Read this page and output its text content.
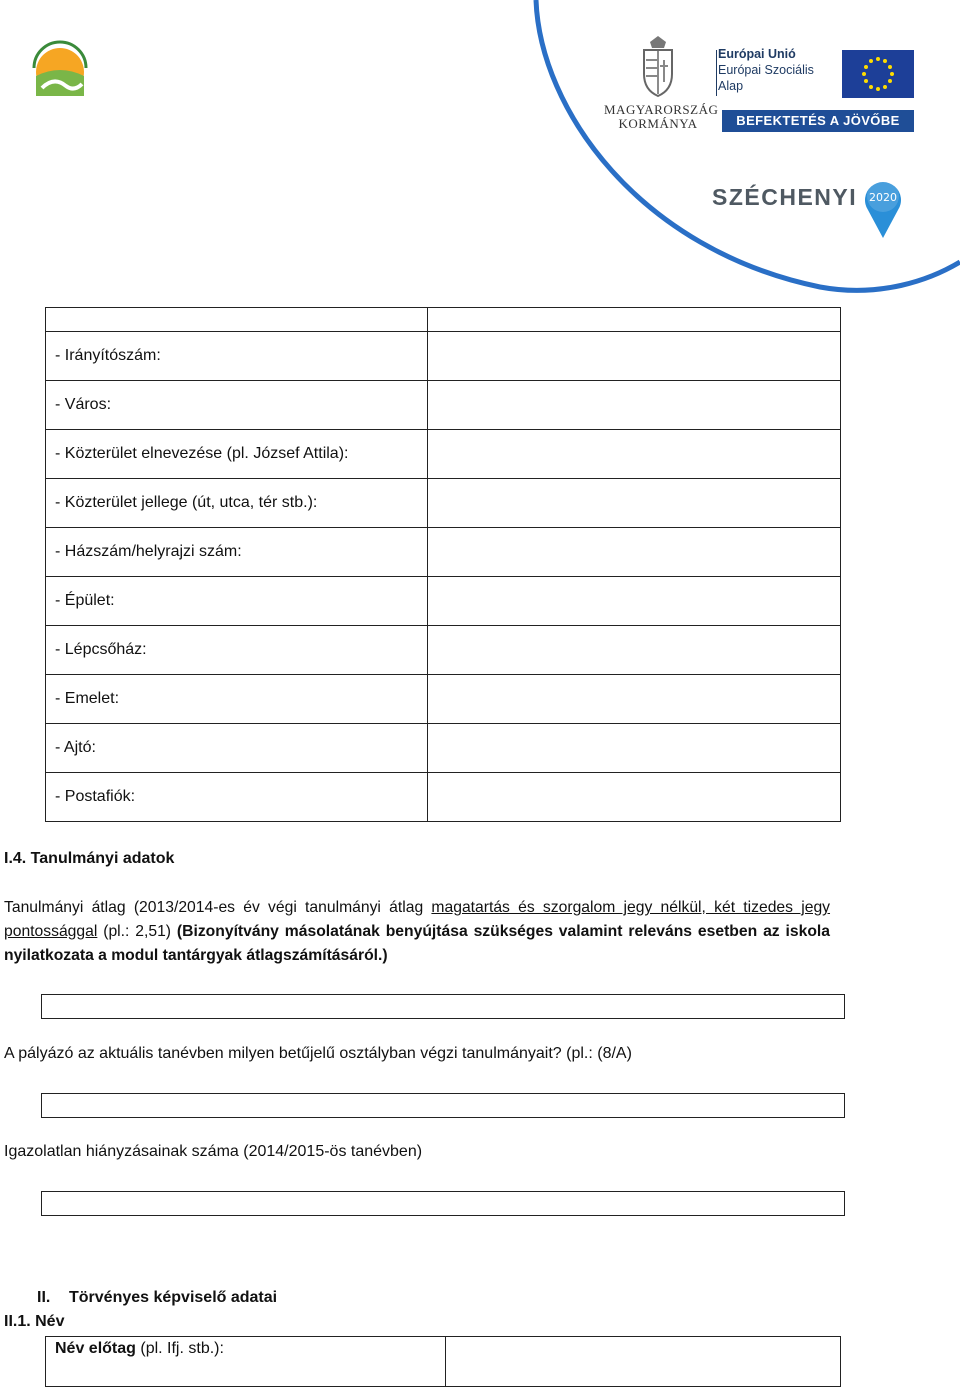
MAGYARORSZÁG
KORMÁNYA
Európai Unió
Európai Szociális
Alap
BEFEKTETÉS A JÖVŐBE
SZÉCHENYI 2020

- Irányítószám:	
- Város:	
- Közterület elnevezése (pl. József Attila):	
- Közterület jellege (út, utca, tér stb.):	
- Házszám/helyrajzi szám:	
- Épület:	
- Lépcsőház:	
- Emelet:	
- Ajtó:	
- Postafiók:	
I.4. Tanulmányi adatok
Tanulmányi átlag (2013/2014-es év végi tanulmányi átlag magatartás és szorgalom jegy nélkül, két tizedes jegy pontossággal (pl.: 2,51) (Bizonyítvány másolatának benyújtása szükséges valamint releváns esetben az iskola nyilatkozata a modul tantárgyak átlagszámításáról.)
A pályázó az aktuális tanévben milyen betűjelű osztályban végzi tanulmányait? (pl.: (8/A)
Igazolatlan hiányzásainak száma (2014/2015-ös tanévben)
II. Törvényes képviselő adatai
II.1. Név
Név előtag (pl. Ifj. stb.):	
